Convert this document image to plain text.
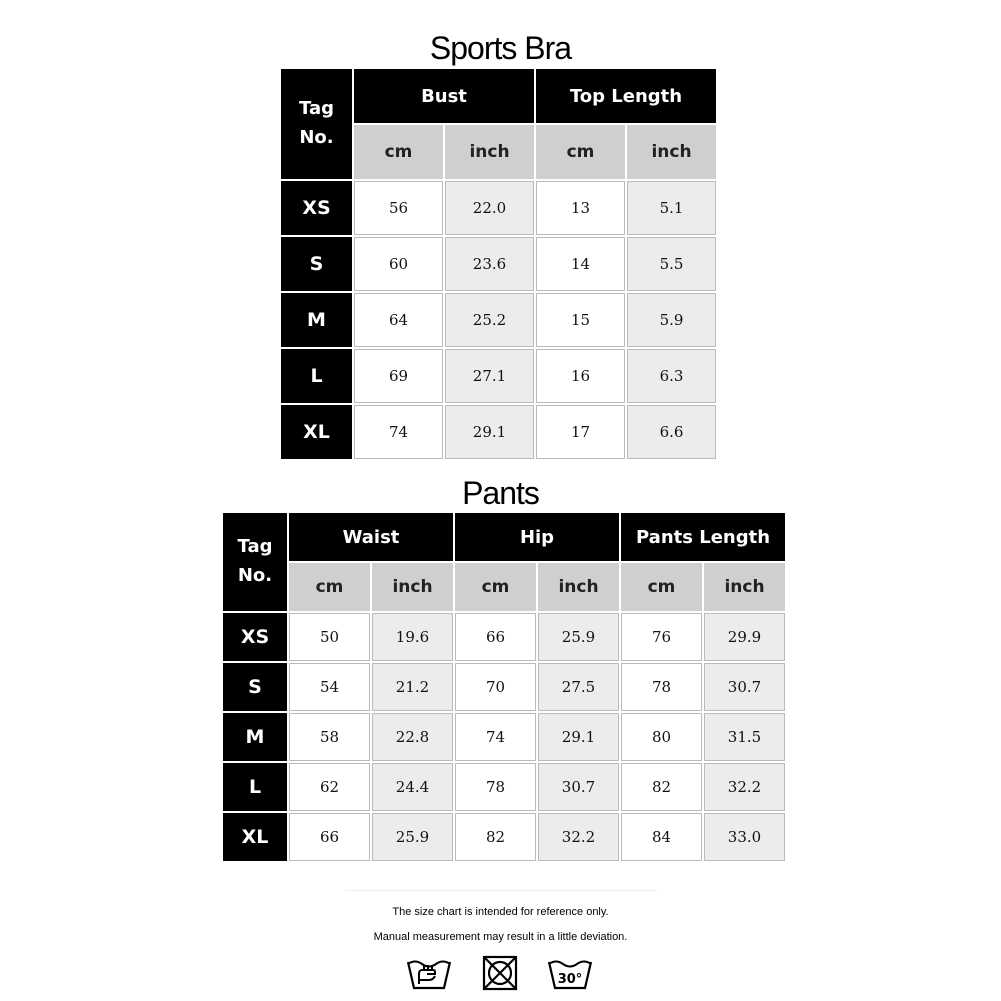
Sports Bra
Tag No.	Bust		Top Length	
	cm	inch	cm	inch
XS	56	22.0	13	5.1
S	60	23.6	14	5.5
M	64	25.2	15	5.9
L	69	27.1	16	6.3
XL	74	29.1	17	6.6
Pants
Tag No.	Waist		Hip		Pants Length	
	cm	inch	cm	inch	cm	inch
XS	50	19.6	66	25.9	76	29.9
S	54	21.2	70	27.5	78	30.7
M	58	22.8	74	29.1	80	31.5
L	62	24.4	78	30.7	82	32.2
XL	66	25.9	82	32.2	84	33.0
The size chart is intended for reference only.
Manual measurement may result in a little deviation.
30°
